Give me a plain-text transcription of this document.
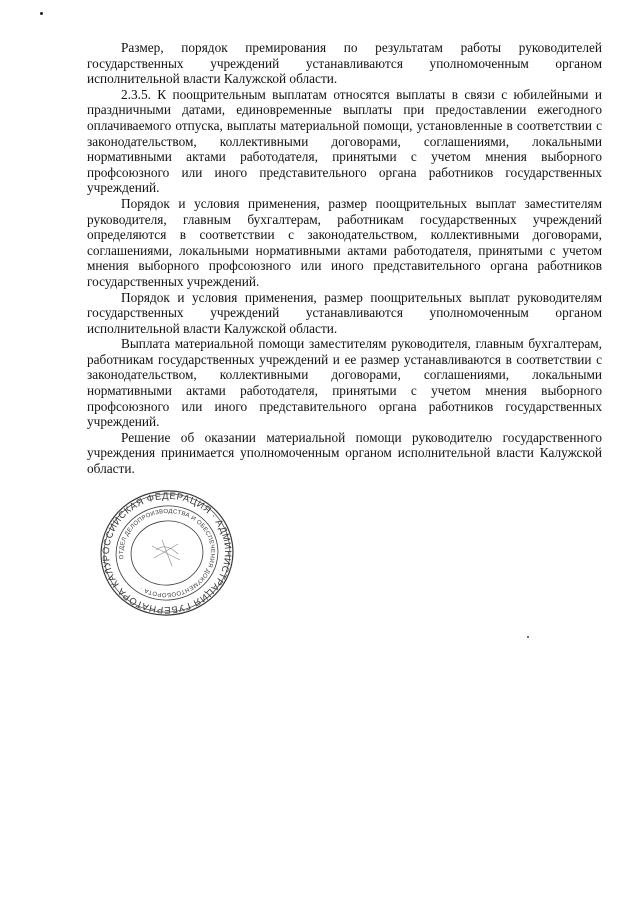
Размер, порядок премирования по результатам работы руководителей государственных учреждений устанавливаются уполномоченным органом исполнительной власти Калужской области.

2.3.5. К поощрительным выплатам относятся выплаты в связи с юбилейными и праздничными датами, единовременные выплаты при предоставлении ежегодного оплачиваемого отпуска, выплаты материальной помощи, установленные в соответствии с законодательством, коллективными договорами, соглашениями, локальными нормативными актами работодателя, принятыми с учетом мнения выборного профсоюзного или иного представительного органа работников государственных учреждений.

Порядок и условия применения, размер поощрительных выплат заместителям руководителя, главным бухгалтерам, работникам государственных учреждений определяются в соответствии с законодательством, коллективными договорами, соглашениями, локальными нормативными актами работодателя, принятыми с учетом мнения выборного профсоюзного или иного представительного органа работников государственных учреждений.

Порядок и условия применения, размер поощрительных выплат руководителям государственных учреждений устанавливаются уполномоченным органом исполнительной власти Калужской области.

Выплата материальной помощи заместителям руководителя, главным бухгалтерам, работникам государственных учреждений и ее размер устанавливаются в соответствии с законодательством, коллективными договорами, соглашениями, локальными нормативными актами работодателя, принятыми с учетом мнения выборного профсоюзного или иного представительного органа работников государственных учреждений.

Решение об оказании материальной помощи руководителю государственного учреждения принимается уполномоченным органом исполнительной власти Калужской области.

РОССИЙСКАЯ ФЕДЕРАЦИЯ · АДМИНИСТРАЦИЯ ГУБЕРНАТОРА КАЛУЖСКОЙ
ОТДЕЛ ДЕЛОПРОИЗВОДСТВА И ОБЕСПЕЧЕНИЯ ДОКУМЕНТООБОРОТА ·
